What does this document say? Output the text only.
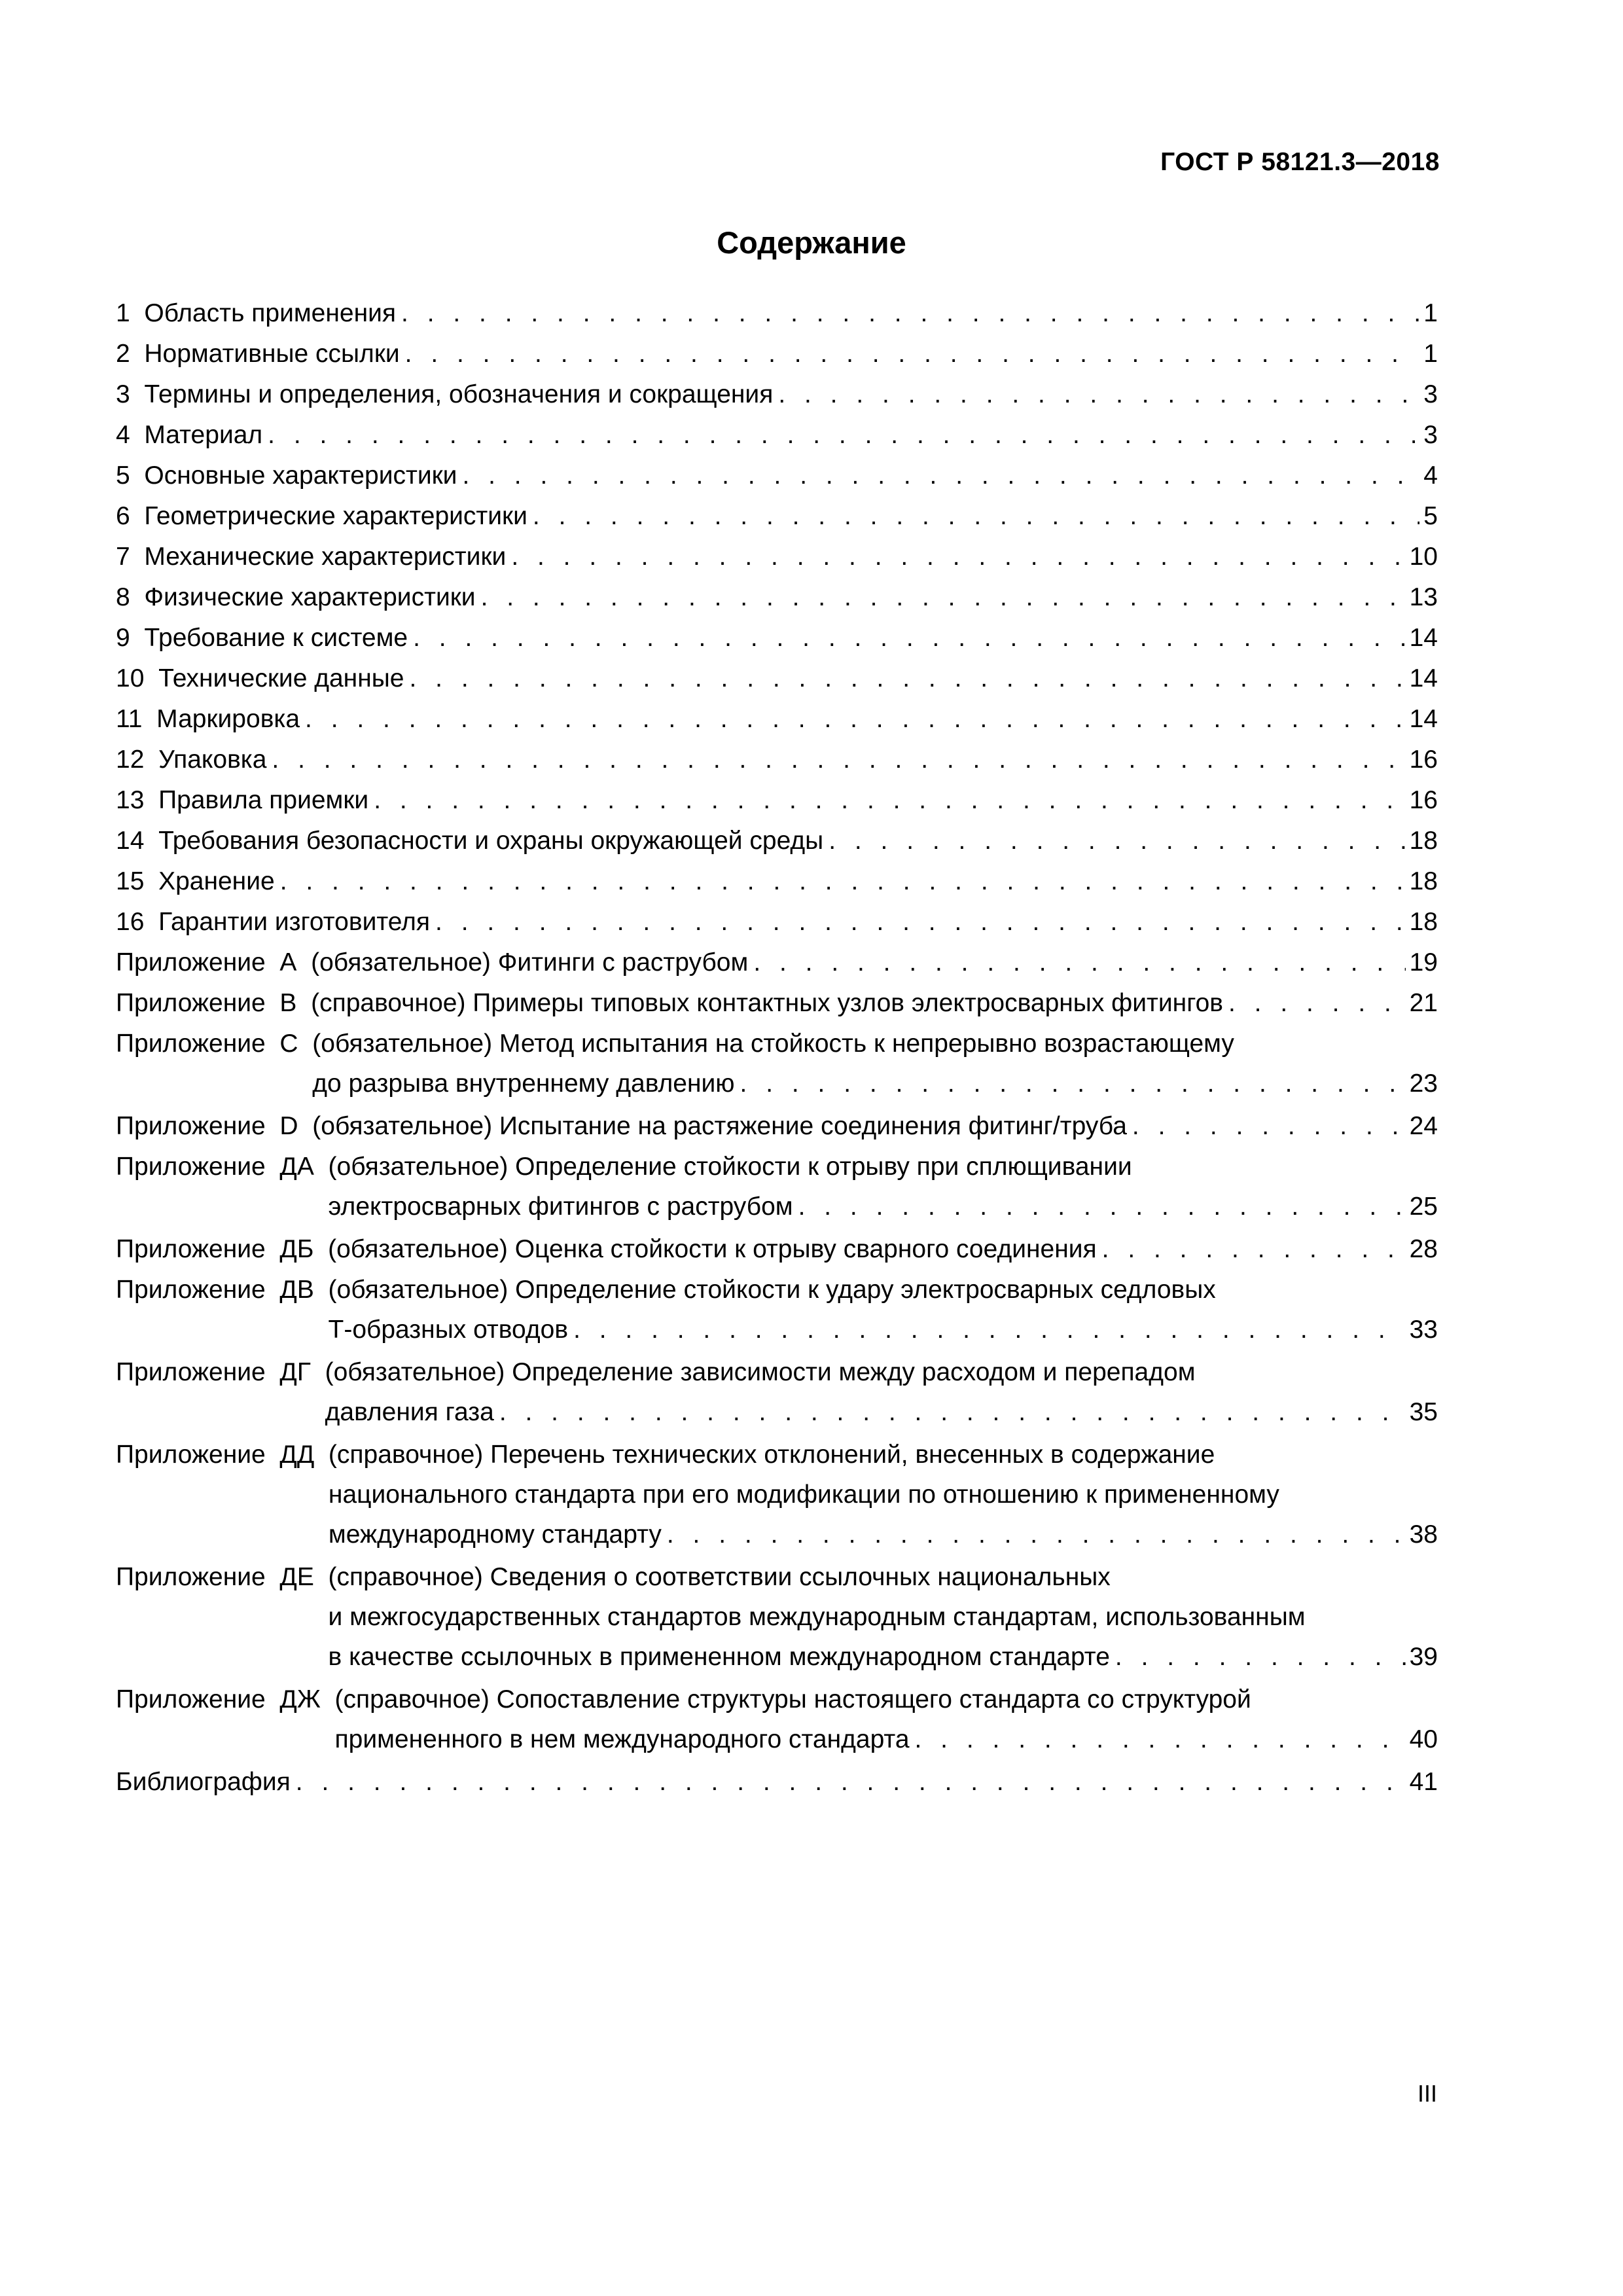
ГОСТ Р 58121.3—2018
Содержание
1 Область применения . . .	1
2 Нормативные ссылки . . .	1
3 Термины и определения, обозначения и сокращения . . .	3
4 Материал . . .	3
5 Основные характеристики . . .	4
6 Геометрические характеристики . . .	5
7 Механические характеристики . . .	10
8 Физические характеристики . . .	13
9 Требование к системе . . .	14
10 Технические данные . . .	14
11 Маркировка . . .	14
12 Упаковка . . .	16
13 Правила приемки . . .	16
14 Требования безопасности и охраны окружающей среды . . .	18
15 Хранение . . .	18
16 Гарантии изготовителя . . .	18
Приложение  А (обязательное) Фитинги с раструбом . . .	19
Приложение  В (справочное) Примеры типовых контактных узлов электросварных фитингов . . .	21
Приложение  С (обязательное) Метод испытания на стойкость к непрерывно возрастающему
до разрыва внутреннему давлению . . .	23
Приложение  D (обязательное) Испытание на растяжение соединения фитинг/труба . . .	24
Приложение  ДА (обязательное) Определение стойкости к отрыву при сплющивании
электросварных фитингов с раструбом . . .	25
Приложение  ДБ (обязательное) Оценка стойкости к отрыву сварного соединения . . .	28
Приложение  ДВ (обязательное) Определение стойкости к удару электросварных седловых
Т-образных отводов . . .	33
Приложение  ДГ (обязательное) Определение зависимости между расходом и перепадом
давления газа . . .	35
Приложение  ДД (справочное) Перечень технических отклонений, внесенных в содержание
национального стандарта при его модификации по отношению к примененному
международному стандарту . . .	38
Приложение  ДЕ (справочное) Сведения о соответствии ссылочных национальных
и межгосударственных стандартов международным стандартам, использованным
в качестве ссылочных в примененном международном стандарте . . .	39
Приложение  ДЖ (справочное) Сопоставление структуры настоящего стандарта со структурой
примененного в нем международного стандарта . . .	40
Библиография . . .	41
III
